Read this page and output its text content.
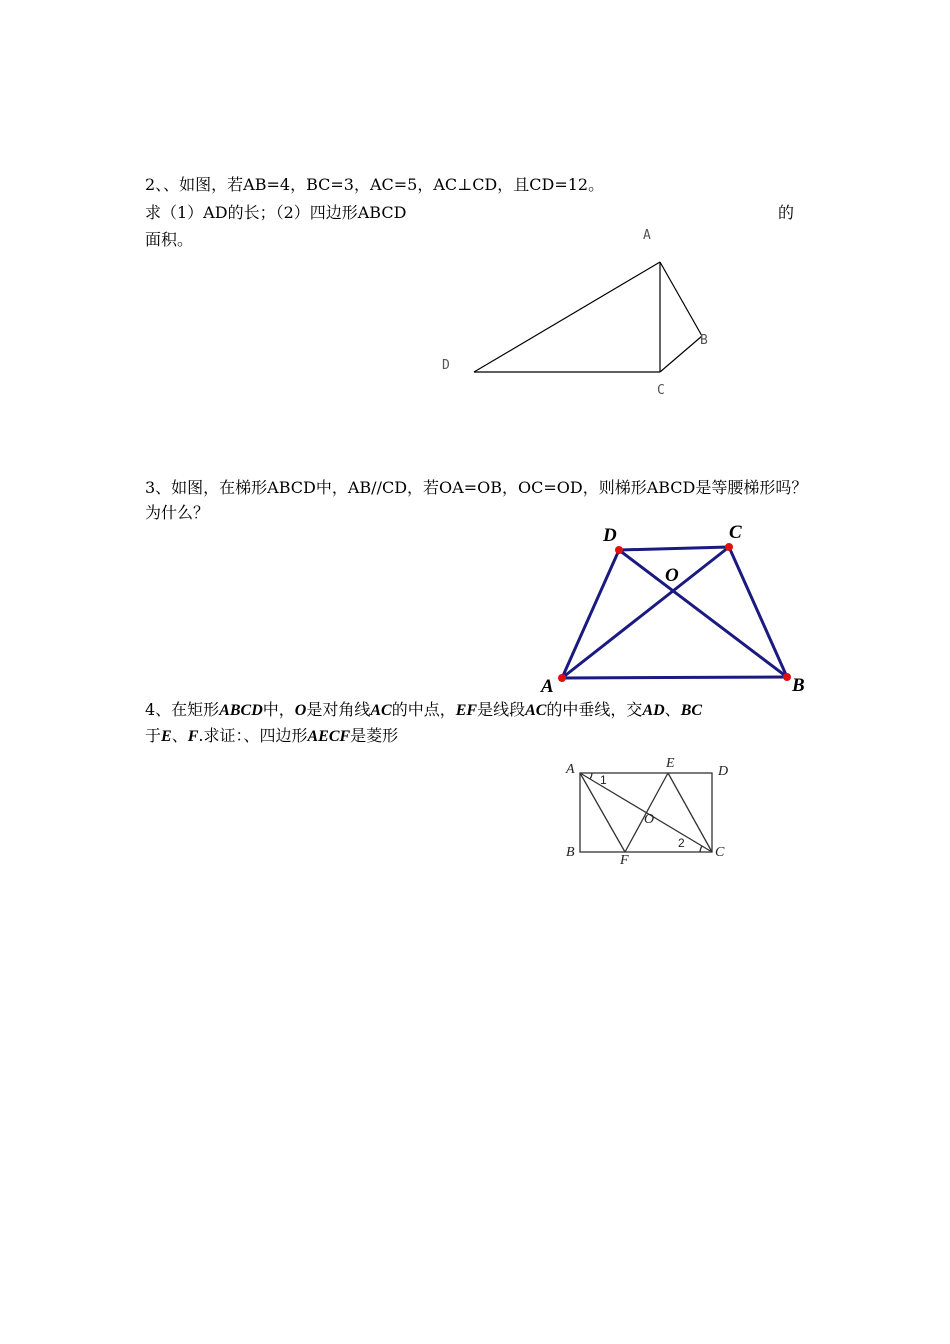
2、、如图，若AB=4，BC=3，AC=5，AC⊥CD，且CD=12。
求（1）AD的长；（2）四边形ABCD	的
面积。	A
B
C
D
3、如图，在梯形ABCD中，AB//CD，若OA=OB，OC=OD，则梯形ABCD是等腰梯形吗？
为什么？
D	C
O
A	B
4、在矩形ABCD中，O是对角线AC的中点，EF是线段AC的中垂线，交AD、BC
于E、F.求证：、四边形AECF是菱形
A	E
D
O
B
F
C
1
2
